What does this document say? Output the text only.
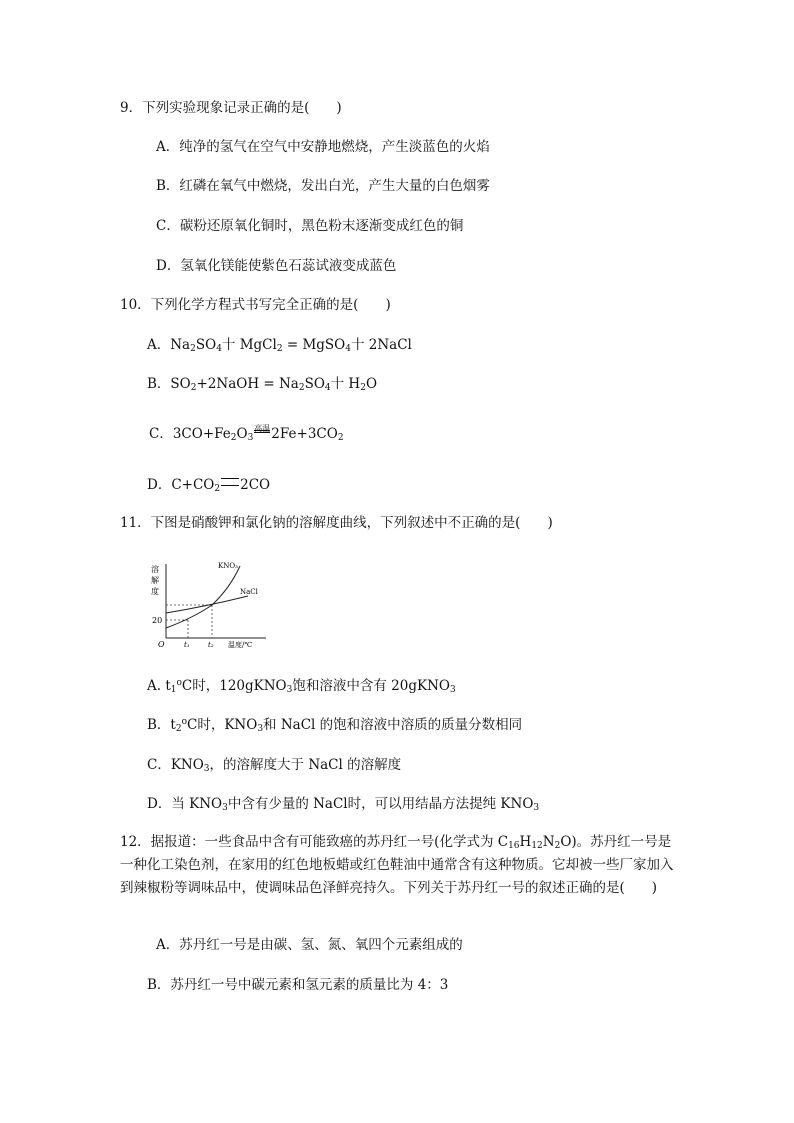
9．下列实验现象记录正确的是(　　)
A．纯净的氢气在空气中安静地燃烧，产生淡蓝色的火焰
B．红磷在氧气中燃烧，发出白光，产生大量的白色烟雾
C．碳粉还原氧化铜时，黑色粉末逐渐变成红色的铜
D．氢氧化镁能使紫色石蕊试液变成蓝色
10．下列化学方程式书写完全正确的是(　　)
A．$Na_2SO_4$十 MgCl$_2$ = MgSO$_4$十 2NaCl
B．$SO_2+2NaOH = Na_2SO_4$十 $H_2O$
C．$3CO+Fe_2O_3$高温$2Fe+3CO_2$
D．$C+CO_2$ 2CO
11．下图是硝酸钾和氯化钠的溶解度曲线，下列叙述中不正确的是(　　)
溶
解
度
20
KNO₃
NaCl
O	t₁	t₂ 温度/℃
A. $t_1^oC$时，120gKNO$_3$饱和溶液中含有 20gKNO$_3$
B．$t_2^oC$时，$KNO_3$和 NaCl 的饱和溶液中溶质的质量分数相同
C．$KNO_3$，的溶解度大于 NaCl 的溶解度
D．当 $KNO_3$中含有少量的 NaCl时，可以用结晶方法提纯 $KNO_3$
12．据报道：一些食品中含有可能致癌的苏丹红一号(化学式为 $C_{16}H_{12}N_2O$)。苏丹红一号是一种化工染色剂，在家用的红色地板蜡或红色鞋油中通常含有这种物质。它却被一些厂家加入到辣椒粉等调味品中，使调味品色泽鲜亮持久。下列关于苏丹红一号的叙述正确的是(　　)
A．苏丹红一号是由碳、氢、氮、氧四个元素组成的
B．苏丹红一号中碳元素和氢元素的质量比为 4：3
